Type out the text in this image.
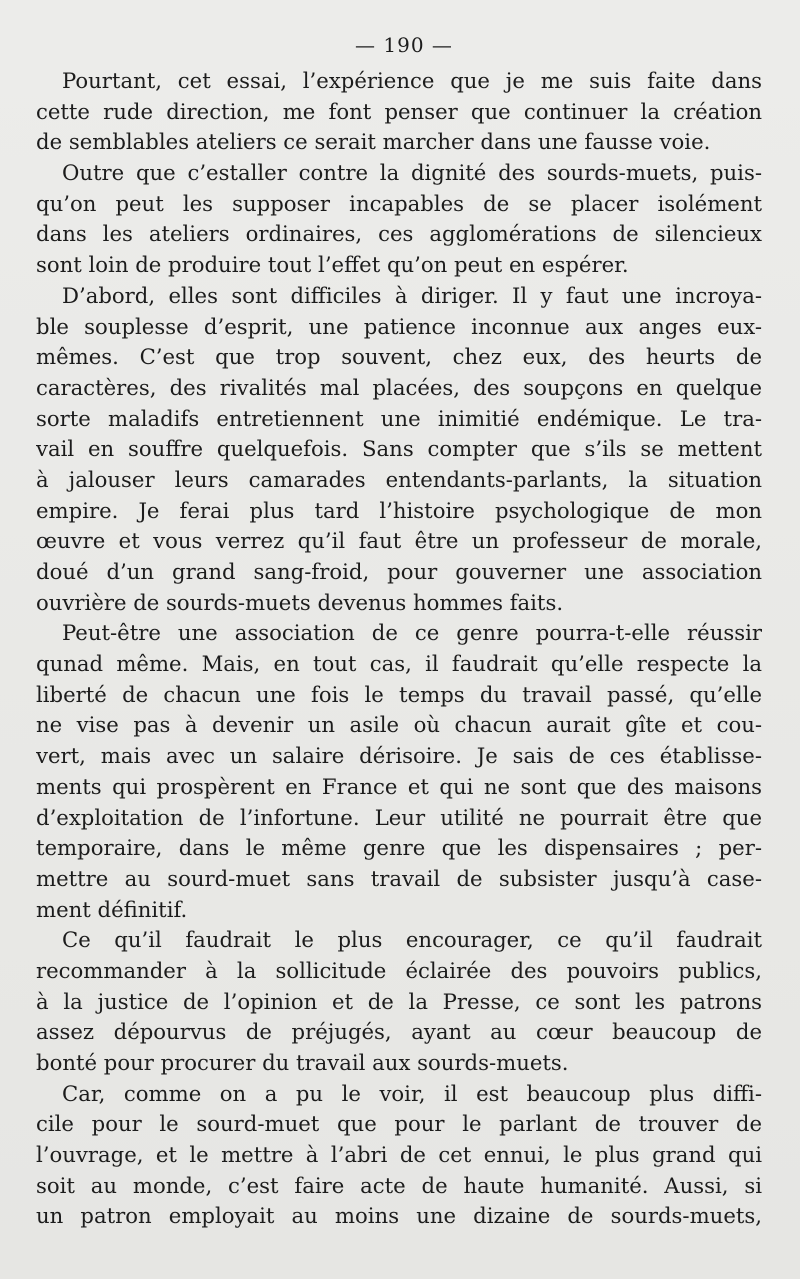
— 190 —
Pourtant, cet essai, l’expérience que je me suis faite dans
cette rude direction, me font penser que continuer la création
de semblables ateliers ce serait marcher dans une fausse voie.
Outre que c’estaller contre la dignité des sourds-muets, puis-
qu’on peut les supposer incapables de se placer isolément
dans les ateliers ordinaires, ces agglomérations de silencieux
sont loin de produire tout l’effet qu’on peut en espérer.
D’abord, elles sont difficiles à diriger. Il y faut une incroya-
ble souplesse d’esprit, une patience inconnue aux anges eux-
mêmes. C’est que trop souvent, chez eux, des heurts de
caractères, des rivalités mal placées, des soupçons en quelque
sorte maladifs entretiennent une inimitié endémique. Le tra-
vail en souffre quelquefois. Sans compter que s’ils se mettent
à jalouser leurs camarades entendants-parlants, la situation
empire. Je ferai plus tard l’histoire psychologique de mon
œuvre et vous verrez qu’il faut être un professeur de morale,
doué d’un grand sang-froid, pour gouverner une association
ouvrière de sourds-muets devenus hommes faits.
Peut-être une association de ce genre pourra-t-elle réussir
qunad même. Mais, en tout cas, il faudrait qu’elle respecte la
liberté de chacun une fois le temps du travail passé, qu’elle
ne vise pas à devenir un asile où chacun aurait gîte et cou-
vert, mais avec un salaire dérisoire. Je sais de ces établisse-
ments qui prospèrent en France et qui ne sont que des maisons
d’exploitation de l’infortune. Leur utilité ne pourrait être que
temporaire, dans le même genre que les dispensaires ; per-
mettre au sourd-muet sans travail de subsister jusqu’à case-
ment définitif.
Ce qu’il faudrait le plus encourager, ce qu’il faudrait
recommander à la sollicitude éclairée des pouvoirs publics,
à la justice de l’opinion et de la Presse, ce sont les patrons
assez dépourvus de préjugés, ayant au cœur beaucoup de
bonté pour procurer du travail aux sourds-muets.
Car, comme on a pu le voir, il est beaucoup plus diffi-
cile pour le sourd-muet que pour le parlant de trouver de
l’ouvrage, et le mettre à l’abri de cet ennui, le plus grand qui
soit au monde, c’est faire acte de haute humanité. Aussi, si
un patron employait au moins une dizaine de sourds-muets,
